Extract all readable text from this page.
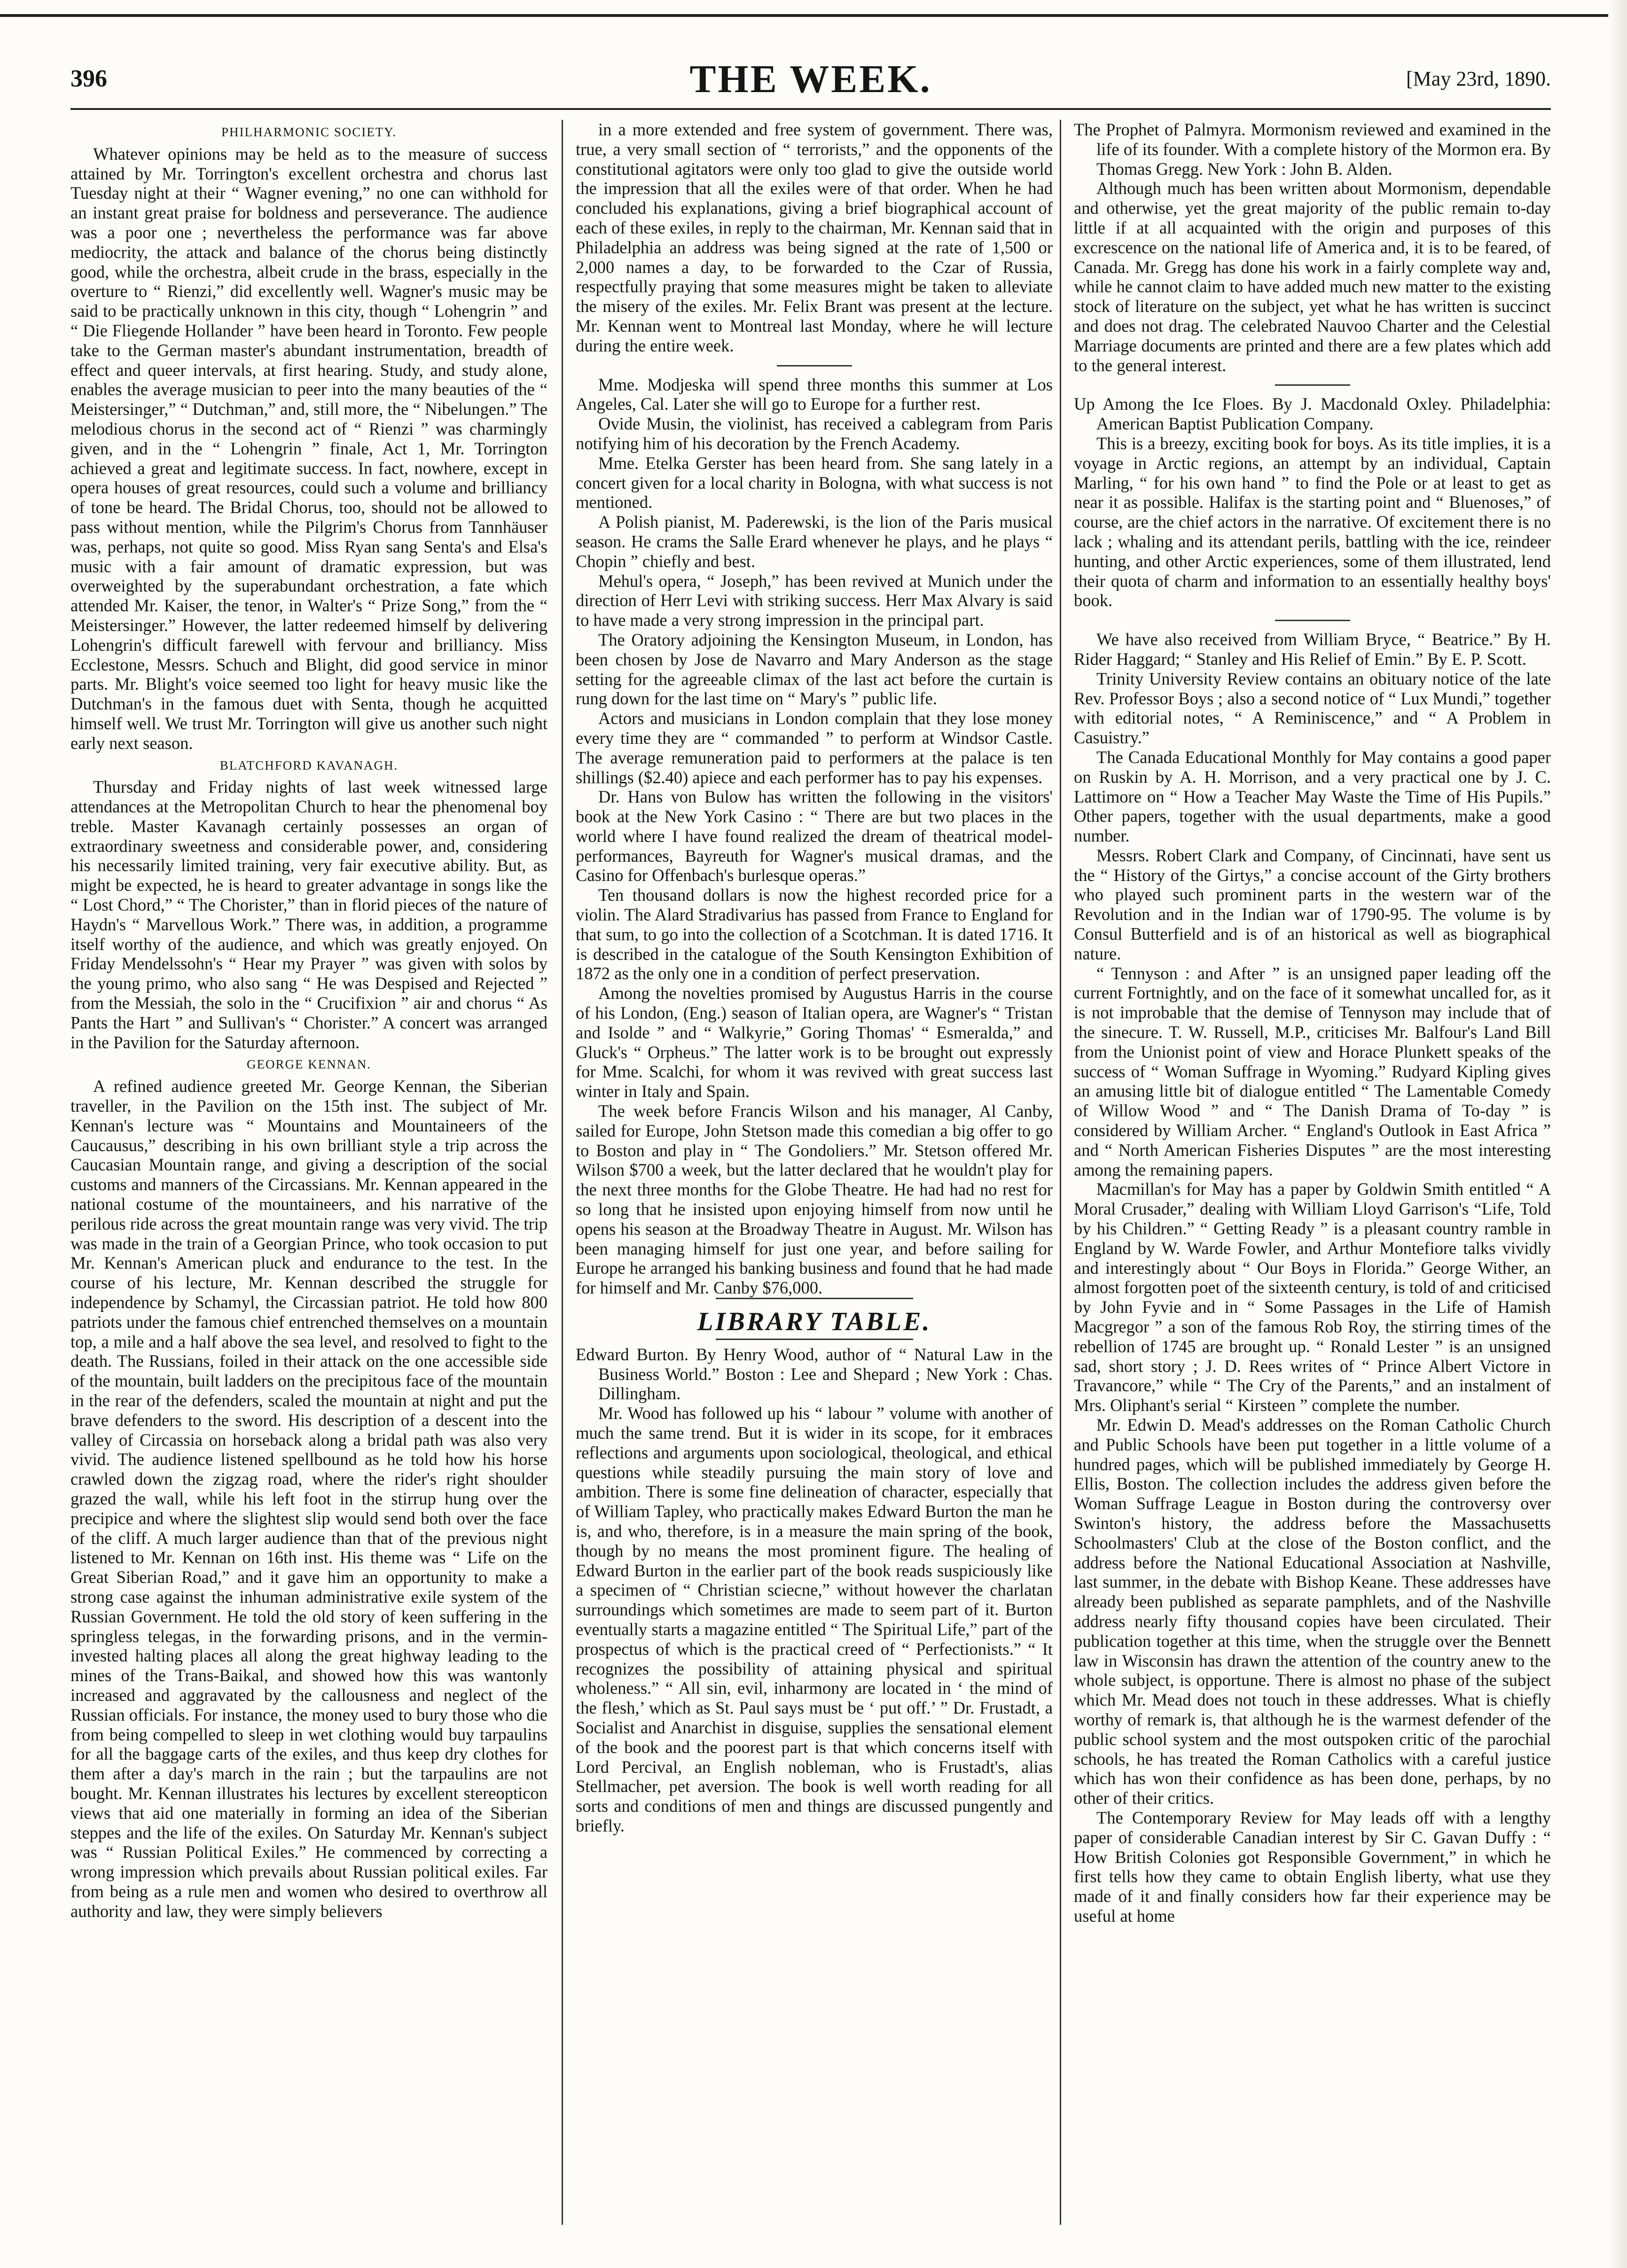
396	THE WEEK.	[May 23rd, 1890.
PHILHARMONIC SOCIETY.

Whatever opinions may be held as to the measure of success attained by Mr. Torrington's excellent orchestra and chorus last Tuesday night at their “ Wagner evening,” no one can withhold for an instant great praise for boldness and perseverance. The audience was a poor one ; nevertheless the performance was far above mediocrity, the attack and balance of the chorus being distinctly good, while the orchestra, albeit crude in the brass, especially in the overture to “ Rienzi,” did excellently well. Wagner's music may be said to be practically unknown in this city, though “ Lohengrin ” and “ Die Fliegende Hollander ” have been heard in Toronto. Few people take to the German master's abundant instrumentation, breadth of effect and queer intervals, at first hearing. Study, and study alone, enables the average musician to peer into the many beauties of the “ Meistersinger,” “ Dutchman,” and, still more, the “ Nibelungen.” The melodious chorus in the second act of “ Rienzi ” was charmingly given, and in the “ Lohengrin ” finale, Act 1, Mr. Torrington achieved a great and legitimate success. In fact, nowhere, except in opera houses of great resources, could such a volume and brilliancy of tone be heard. The Bridal Chorus, too, should not be allowed to pass without mention, while the Pilgrim's Chorus from Tannhäuser was, perhaps, not quite so good. Miss Ryan sang Senta's and Elsa's music with a fair amount of dramatic expression, but was overweighted by the superabundant orchestration, a fate which attended Mr. Kaiser, the tenor, in Walter's “ Prize Song,” from the “ Meistersinger.” However, the latter redeemed himself by delivering Lohengrin's difficult farewell with fervour and brilliancy. Miss Ecclestone, Messrs. Schuch and Blight, did good service in minor parts. Mr. Blight's voice seemed too light for heavy music like the Dutchman's in the famous duet with Senta, though he acquitted himself well. We trust Mr. Torrington will give us another such night early next season.

BLATCHFORD KAVANAGH.

Thursday and Friday nights of last week witnessed large attendances at the Metropolitan Church to hear the phenomenal boy treble. Master Kavanagh certainly possesses an organ of extraordinary sweetness and considerable power, and, considering his necessarily limited training, very fair executive ability. But, as might be expected, he is heard to greater advantage in songs like the “ Lost Chord,” “ The Chorister,” than in florid pieces of the nature of Haydn's “ Marvellous Work.” There was, in addition, a programme itself worthy of the audience, and which was greatly enjoyed. On Friday Mendelssohn's “ Hear my Prayer ” was given with solos by the young primo, who also sang “ He was Despised and Rejected ” from the Messiah, the solo in the “ Crucifixion ” air and chorus “ As Pants the Hart ” and Sullivan's “ Chorister.” A concert was arranged in the Pavilion for the Saturday afternoon.

GEORGE KENNAN.

A refined audience greeted Mr. George Kennan, the Siberian traveller, in the Pavilion on the 15th inst. The subject of Mr. Kennan's lecture was “ Mountains and Mountaineers of the Caucausus,” describing in his own brilliant style a trip across the Caucasian Mountain range, and giving a description of the social customs and manners of the Circassians. Mr. Kennan appeared in the national costume of the mountaineers, and his narrative of the perilous ride across the great mountain range was very vivid. The trip was made in the train of a Georgian Prince, who took occasion to put Mr. Kennan's American pluck and endurance to the test. In the course of his lecture, Mr. Kennan described the struggle for independence by Schamyl, the Circassian patriot. He told how 800 patriots under the famous chief entrenched themselves on a mountain top, a mile and a half above the sea level, and resolved to fight to the death. The Russians, foiled in their attack on the one accessible side of the mountain, built ladders on the precipitous face of the mountain in the rear of the defenders, scaled the mountain at night and put the brave defenders to the sword. His description of a descent into the valley of Circassia on horseback along a bridal path was also very vivid. The audience listened spellbound as he told how his horse crawled down the zigzag road, where the rider's right shoulder grazed the wall, while his left foot in the stirrup hung over the precipice and where the slightest slip would send both over the face of the cliff. A much larger audience than that of the previous night listened to Mr. Kennan on 16th inst. His theme was “ Life on the Great Siberian Road,” and it gave him an opportunity to make a strong case against the inhuman administrative exile system of the Russian Government. He told the old story of keen suffering in the springless telegas, in the forwarding prisons, and in the vermin-invested halting places all along the great highway leading to the mines of the Trans-Baikal, and showed how this was wantonly increased and aggravated by the callousness and neglect of the Russian officials. For instance, the money used to bury those who die from being compelled to sleep in wet clothing would buy tarpaulins for all the baggage carts of the exiles, and thus keep dry clothes for them after a day's march in the rain ; but the tarpaulins are not bought. Mr. Kennan illustrates his lectures by excellent stereopticon views that aid one materially in forming an idea of the Siberian steppes and the life of the exiles. On Saturday Mr. Kennan's subject was “ Russian Political Exiles.” He commenced by correcting a wrong impression which prevails about Russian political exiles. Far from being as a rule men and women who desired to overthrow all authority and law, they were simply believers

in a more extended and free system of government. There was, true, a very small section of “ terrorists,” and the opponents of the constitutional agitators were only too glad to give the outside world the impression that all the exiles were of that order. When he had concluded his explanations, giving a brief biographical account of each of these exiles, in reply to the chairman, Mr. Kennan said that in Philadelphia an address was being signed at the rate of 1,500 or 2,000 names a day, to be forwarded to the Czar of Russia, respectfully praying that some measures might be taken to alleviate the misery of the exiles. Mr. Felix Brant was present at the lecture. Mr. Kennan went to Montreal last Monday, where he will lecture during the entire week.

Mme. Modjeska will spend three months this summer at Los Angeles, Cal. Later she will go to Europe for a further rest.

Ovide Musin, the violinist, has received a cablegram from Paris notifying him of his decoration by the French Academy.

Mme. Etelka Gerster has been heard from. She sang lately in a concert given for a local charity in Bologna, with what success is not mentioned.

A Polish pianist, M. Paderewski, is the lion of the Paris musical season. He crams the Salle Erard whenever he plays, and he plays “ Chopin ” chiefly and best.

Mehul's opera, “ Joseph,” has been revived at Munich under the direction of Herr Levi with striking success. Herr Max Alvary is said to have made a very strong impression in the principal part.

The Oratory adjoining the Kensington Museum, in London, has been chosen by Jose de Navarro and Mary Anderson as the stage setting for the agreeable climax of the last act before the curtain is rung down for the last time on “ Mary's ” public life.

Actors and musicians in London complain that they lose money every time they are “ commanded ” to perform at Windsor Castle. The average remuneration paid to performers at the palace is ten shillings ($2.40) apiece and each performer has to pay his expenses.

Dr. Hans von Bulow has written the following in the visitors' book at the New York Casino : “ There are but two places in the world where I have found realized the dream of theatrical model-performances, Bayreuth for Wagner's musical dramas, and the Casino for Offenbach's burlesque operas.”

Ten thousand dollars is now the highest recorded price for a violin. The Alard Stradivarius has passed from France to England for that sum, to go into the collection of a Scotchman. It is dated 1716. It is described in the catalogue of the South Kensington Exhibition of 1872 as the only one in a condition of perfect preservation.

Among the novelties promised by Augustus Harris in the course of his London, (Eng.) season of Italian opera, are Wagner's “ Tristan and Isolde ” and “ Walkyrie,” Goring Thomas' “ Esmeralda,” and Gluck's “ Orpheus.” The latter work is to be brought out expressly for Mme. Scalchi, for whom it was revived with great success last winter in Italy and Spain.

The week before Francis Wilson and his manager, Al Canby, sailed for Europe, John Stetson made this comedian a big offer to go to Boston and play in “ The Gondoliers.” Mr. Stetson offered Mr. Wilson $700 a week, but the latter declared that he wouldn't play for the next three months for the Globe Theatre. He had had no rest for so long that he insisted upon enjoying himself from now until he opens his season at the Broadway Theatre in August. Mr. Wilson has been managing himself for just one year, and before sailing for Europe he arranged his banking business and found that he had made for himself and Mr. Canby $76,000.

LIBRARY TABLE.

Edward Burton. By Henry Wood, author of “ Natural Law in the Business World.” Boston : Lee and Shepard ; New York : Chas. Dillingham.

Mr. Wood has followed up his “ labour ” volume with another of much the same trend. But it is wider in its scope, for it embraces reflections and arguments upon sociological, theological, and ethical questions while steadily pursuing the main story of love and ambition. There is some fine delineation of character, especially that of William Tapley, who practically makes Edward Burton the man he is, and who, therefore, is in a measure the main spring of the book, though by no means the most prominent figure. The healing of Edward Burton in the earlier part of the book reads suspiciously like a specimen of “ Christian sciecne,” without however the charlatan surroundings which sometimes are made to seem part of it. Burton eventually starts a magazine entitled “ The Spiritual Life,” part of the prospectus of which is the practical creed of “ Perfectionists.” “ It recognizes the possibility of attaining physical and spiritual wholeness.” “ All sin, evil, inharmony are located in ‘ the mind of the flesh,’ which as St. Paul says must be ‘ put off.’ ” Dr. Frustadt, a Socialist and Anarchist in disguise, supplies the sensational element of the book and the poorest part is that which concerns itself with Lord Percival, an English nobleman, who is Frustadt's, alias Stellmacher, pet aversion. The book is well worth reading for all sorts and conditions of men and things are discussed pungently and briefly.

The Prophet of Palmyra. Mormonism reviewed and examined in the life of its founder. With a complete history of the Mormon era. By Thomas Gregg. New York : John B. Alden.

Although much has been written about Mormonism, dependable and otherwise, yet the great majority of the public remain to-day little if at all acquainted with the origin and purposes of this excrescence on the national life of America and, it is to be feared, of Canada. Mr. Gregg has done his work in a fairly complete way and, while he cannot claim to have added much new matter to the existing stock of literature on the subject, yet what he has written is succinct and does not drag. The celebrated Nauvoo Charter and the Celestial Marriage documents are printed and there are a few plates which add to the general interest.

Up Among the Ice Floes. By J. Macdonald Oxley. Philadelphia: American Baptist Publication Company.

This is a breezy, exciting book for boys. As its title implies, it is a voyage in Arctic regions, an attempt by an individual, Captain Marling, “ for his own hand ” to find the Pole or at least to get as near it as possible. Halifax is the starting point and “ Bluenoses,” of course, are the chief actors in the narrative. Of excitement there is no lack ; whaling and its attendant perils, battling with the ice, reindeer hunting, and other Arctic experiences, some of them illustrated, lend their quota of charm and information to an essentially healthy boys' book.

We have also received from William Bryce, “ Beatrice.” By H. Rider Haggard; “ Stanley and His Relief of Emin.” By E. P. Scott.

Trinity University Review contains an obituary notice of the late Rev. Professor Boys ; also a second notice of “ Lux Mundi,” together with editorial notes, “ A Reminiscence,” and “ A Problem in Casuistry.”

The Canada Educational Monthly for May contains a good paper on Ruskin by A. H. Morrison, and a very practical one by J. C. Lattimore on “ How a Teacher May Waste the Time of His Pupils.” Other papers, together with the usual departments, make a good number.

Messrs. Robert Clark and Company, of Cincinnati, have sent us the “ History of the Girtys,” a concise account of the Girty brothers who played such prominent parts in the western war of the Revolution and in the Indian war of 1790-95. The volume is by Consul Butterfield and is of an historical as well as biographical nature.

“ Tennyson : and After ” is an unsigned paper leading off the current Fortnightly, and on the face of it somewhat uncalled for, as it is not improbable that the demise of Tennyson may include that of the sinecure. T. W. Russell, M.P., criticises Mr. Balfour's Land Bill from the Unionist point of view and Horace Plunkett speaks of the success of “ Woman Suffrage in Wyoming.” Rudyard Kipling gives an amusing little bit of dialogue entitled “ The Lamentable Comedy of Willow Wood ” and “ The Danish Drama of To-day ” is considered by William Archer. “ England's Outlook in East Africa ” and “ North American Fisheries Disputes ” are the most interesting among the remaining papers.

Macmillan's for May has a paper by Goldwin Smith entitled “ A Moral Crusader,” dealing with William Lloyd Garrison's “Life, Told by his Children.” “ Getting Ready ” is a pleasant country ramble in England by W. Warde Fowler, and Arthur Montefiore talks vividly and interestingly about “ Our Boys in Florida.” George Wither, an almost forgotten poet of the sixteenth century, is told of and criticised by John Fyvie and in “ Some Passages in the Life of Hamish Macgregor ” a son of the famous Rob Roy, the stirring times of the rebellion of 1745 are brought up. “ Ronald Lester ” is an unsigned sad, short story ; J. D. Rees writes of “ Prince Albert Victore in Travancore,” while “ The Cry of the Parents,” and an instalment of Mrs. Oliphant's serial “ Kirsteen ” complete the number.

Mr. Edwin D. Mead's addresses on the Roman Catholic Church and Public Schools have been put together in a little volume of a hundred pages, which will be published immediately by George H. Ellis, Boston. The collection includes the address given before the Woman Suffrage League in Boston during the controversy over Swinton's history, the address before the Massachusetts Schoolmasters' Club at the close of the Boston conflict, and the address before the National Educational Association at Nashville, last summer, in the debate with Bishop Keane. These addresses have already been published as separate pamphlets, and of the Nashville address nearly fifty thousand copies have been circulated. Their publication together at this time, when the struggle over the Bennett law in Wisconsin has drawn the attention of the country anew to the whole subject, is opportune. There is almost no phase of the subject which Mr. Mead does not touch in these addresses. What is chiefly worthy of remark is, that although he is the warmest defender of the public school system and the most outspoken critic of the parochial schools, he has treated the Roman Catholics with a careful justice which has won their confidence as has been done, perhaps, by no other of their critics.

The Contemporary Review for May leads off with a lengthy paper of considerable Canadian interest by Sir C. Gavan Duffy : “ How British Colonies got Responsible Government,” in which he first tells how they came to obtain English liberty, what use they made of it and finally considers how far their experience may be useful at home
